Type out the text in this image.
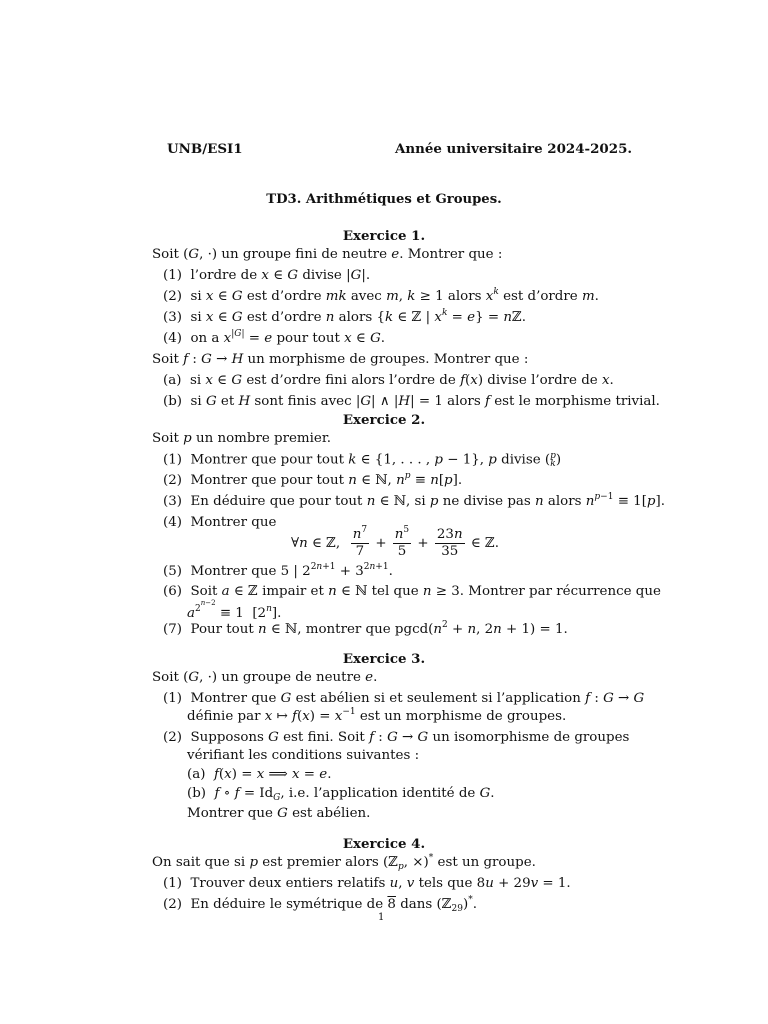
UNB/ESI1	Année universitaire 2024-2025.
TD3. Arithmétiques et Groupes.
Exercice 1.
Soit (G, ·) un groupe fini de neutre e. Montrer que :
(1)  l’ordre de x ∈ G divise |G|.
(2)  si x ∈ G est d’ordre mk avec m, k ≥ 1 alors $x^k$ est d’ordre m.
(3)  si x ∈ G est d’ordre n alors {k ∈ ℤ | $x^k = e$} = nℤ.
(4)  on a $x^{|G|} = e$ pour tout x ∈ G.
Soit f : G → H un morphisme de groupes. Montrer que :
(a)  si x ∈ G est d’ordre fini alors l’ordre de f(x) divise l’ordre de x.
(b)  si G et H sont finis avec |G| ∧ |H| = 1 alors f est le morphisme trivial.
Exercice 2.
Soit p un nombre premier.
(1)  Montrer que pour tout k ∈ {1, . . . , p − 1}, p divise (p
k)
(2)  Montrer que pour tout n ∈ ℕ, $n^p \equiv n[p]$.
(3)  En déduire que pour tout n ∈ ℕ, si p ne divise pas n alors $n^{p-1} \equiv 1[p]$.
(4)  Montrer que
∀n ∈ ℤ, $\frac{n^7}{7} + \frac{n^5}{5} + \frac{23n}{35}$ ∈ ℤ.
(5)  Montrer que 5 | $2^{2n+1} + 3^{2n+1}$.
(6)  Soit a ∈ ℤ impair et n ∈ ℕ tel que n ≥ 3. Montrer par récurrence que
$a^{2^{n-2}} \equiv 1$  [2$^n$].
(7)  Pour tout n ∈ ℕ, montrer que $pgcd(n^2 + n$, 2n + 1) = 1.
Exercice 3.
Soit (G, ·) un groupe de neutre e.
(1)  Montrer que G est abélien si et seulement si l’application f : G → G
définie par x ↦ $f(x) = x^{-1}$ est un morphisme de groupes.
(2)  Supposons G est fini. Soit f : G → G un isomorphisme de groupes
vérifiant les conditions suivantes :
(a)  f(x) = x ⟹ x = e.
(b)  f ∘ $f = Id_G$, i.e. l’application identité de G.
Montrer que G est abélien.
Exercice 4.
On sait que si p est premier alors (ℤ$_p$, ×)* est un groupe.
(1)  Trouver deux entiers relatifs u, v tels que 8u + 29v = 1.
(2)  En déduire le symétrique de 8 dans (ℤ$_{29}$)*.
1
